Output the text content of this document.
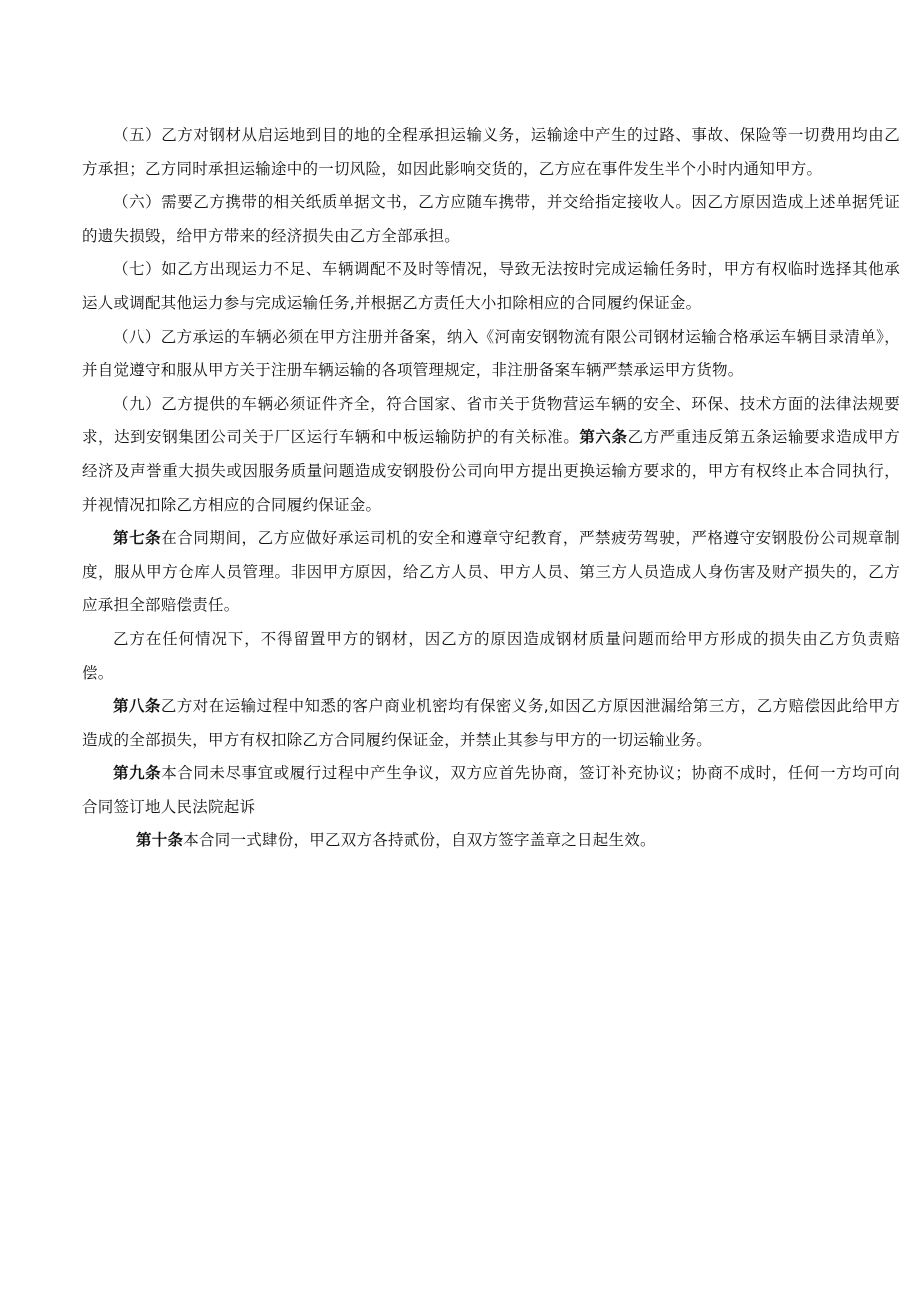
（五）乙方对钢材从启运地到目的地的全程承担运输义务，运输途中产生的过路、事故、保险等一切费用均由乙方承担；乙方同时承担运输途中的一切风险，如因此影响交货的，乙方应在事件发生半个小时内通知甲方。

（六）需要乙方携带的相关纸质单据文书，乙方应随车携带，并交给指定接收人。因乙方原因造成上述单据凭证的遗失损毁，给甲方带来的经济损失由乙方全部承担。

（七）如乙方出现运力不足、车辆调配不及时等情况，导致无法按时完成运输任务时，甲方有权临时选择其他承运人或调配其他运力参与完成运输任务,并根据乙方责任大小扣除相应的合同履约保证金。

（八）乙方承运的车辆必须在甲方注册并备案，纳入《河南安钢物流有限公司钢材运输合格承运车辆目录清单》，并自觉遵守和服从甲方关于注册车辆运输的各项管理规定，非注册备案车辆严禁承运甲方货物。

（九）乙方提供的车辆必须证件齐全，符合国家、省市关于货物营运车辆的安全、环保、技术方面的法律法规要求，达到安钢集团公司关于厂区运行车辆和中板运输防护的有关标准。第六条乙方严重违反第五条运输要求造成甲方经济及声誉重大损失或因服务质量问题造成安钢股份公司向甲方提出更换运输方要求的，甲方有权终止本合同执行，并视情况扣除乙方相应的合同履约保证金。

第七条在合同期间，乙方应做好承运司机的安全和遵章守纪教育，严禁疲劳驾驶，严格遵守安钢股份公司规章制度，服从甲方仓库人员管理。非因甲方原因，给乙方人员、甲方人员、第三方人员造成人身伤害及财产损失的，乙方应承担全部赔偿责任。

乙方在任何情况下，不得留置甲方的钢材，因乙方的原因造成钢材质量问题而给甲方形成的损失由乙方负责赔偿。

第八条乙方对在运输过程中知悉的客户商业机密均有保密义务,如因乙方原因泄漏给第三方，乙方赔偿因此给甲方造成的全部损失，甲方有权扣除乙方合同履约保证金，并禁止其参与甲方的一切运输业务。

第九条本合同未尽事宜或履行过程中产生争议，双方应首先协商，签订补充协议；协商不成时，任何一方均可向合同签订地人民法院起诉

第十条本合同一式肆份，甲乙双方各持贰份，自双方签字盖章之日起生效。
